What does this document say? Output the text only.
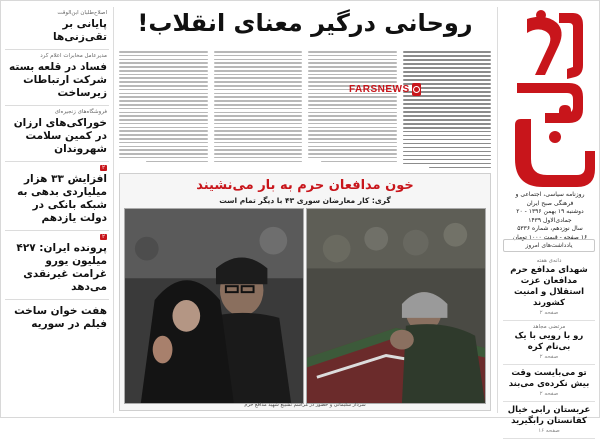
روزنامه سیاسی، اجتماعی و فرهنگی صبح ایران
دوشنبه ۱۹ بهمن ۱۳۹۶ - ۲۰ جمادی‌الاول ۱۴۳۹
سال نوزدهم، شماره ۵۳۳۶
۱۶ صفحه - قیمت ۱۰۰۰ تومان
یادداشت‌های امروز
دانه‌ی هفته
شهدای مدافع حرم مدافعان عزت استقلال و امنیت کشورند
صفحه ۲
مرتضی مجاهد
رو با رویی با یک بی‌نام کره
صفحه ۲
تو می‌بایست وقت بیش نکرده‌ی می‌بند
صفحه ۲
عربستان رابی خیال کفانستان رابگیرید
صفحه ۱۶
روحانی درگیر معنای انقلاب!
FARSNEWS
خون مدافعان حرم به بار می‌نشیند
گری: کار معارضان سوری ۴۳ با دیگر تمام است
سردار سلیمانی و حضور در مراسم تشییع شهید مدافع حرم
اصلاح‌طلبان ابن‌الوقت
پایانی بر تقی‌زنی‌ها
مدیرعامل مخابرات اعلام کرد
فساد در قلعه بسته شرکت ارتباطات زیرساخت
فروشگاه‌های زنجیره‌ای
خوراکی‌های ارزان در کمین سلامت شهروندان
۲
افزایش ۳۳ هزار میلیاردی بدهی به شبکه بانکی در دولت یازدهم
۲
پرونده ایران: ۴۲۷ میلیون یورو غرامت غیرنقدی می‌دهد
هفت خوان ساخت فیلم در سوریه
